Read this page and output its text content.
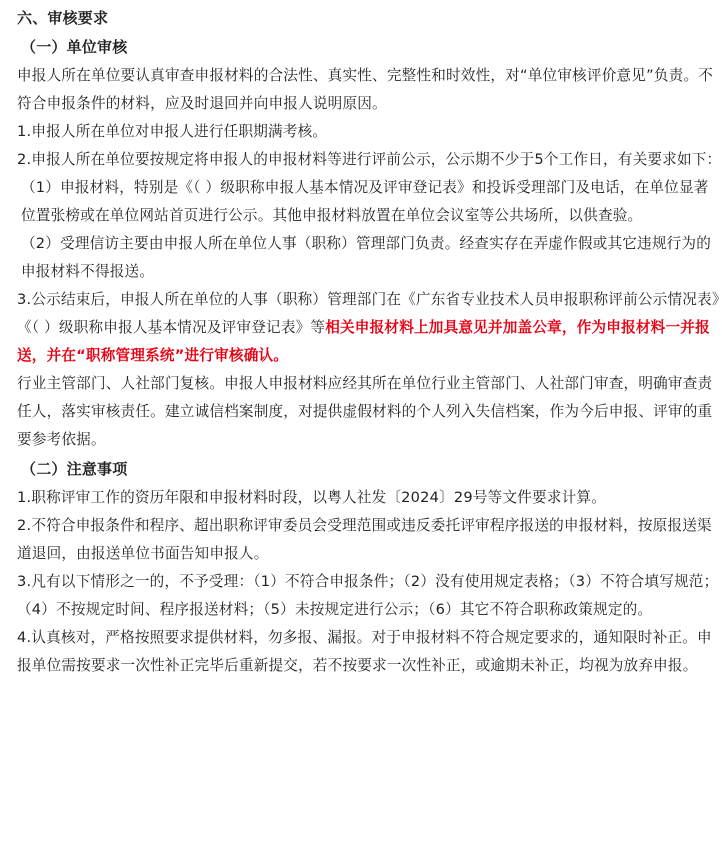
六、审核要求

（一）单位审核

申报人所在单位要认真审查申报材料的合法性、真实性、完整性和时效性，对“单位审核评价意见”负责。不符合申报条件的材料，应及时退回并向申报人说明原因。

1.申报人所在单位对申报人进行任职期满考核。

2.申报人所在单位要按规定将申报人的申报材料等进行评前公示，公示期不少于5个工作日，有关要求如下：

（1）申报材料，特别是《（ ）级职称申报人基本情况及评审登记表》和投诉受理部门及电话，在单位显著位置张榜或在单位网站首页进行公示。其他申报材料放置在单位会议室等公共场所，以供查验。

（2）受理信访主要由申报人所在单位人事（职称）管理部门负责。经查实存在弄虚作假或其它违规行为的申报材料不得报送。

3.公示结束后，申报人所在单位的人事（职称）管理部门在《广东省专业技术人员申报职称评前公示情况表》《（ ）级职称申报人基本情况及评审登记表》等相关申报材料上加具意见并加盖公章，作为申报材料一并报送，并在“职称管理系统”进行审核确认。

行业主管部门、人社部门复核。申报人申报材料应经其所在单位行业主管部门、人社部门审查，明确审查责任人，落实审核责任。建立诚信档案制度，对提供虚假材料的个人列入失信档案，作为今后申报、评审的重要参考依据。

（二）注意事项

1.职称评审工作的资历年限和申报材料时段，以粤人社发〔2024〕29号等文件要求计算。

2.不符合申报条件和程序、超出职称评审委员会受理范围或违反委托评审程序报送的申报材料，按原报送渠道退回，由报送单位书面告知申报人。

3.凡有以下情形之一的，不予受理：（1）不符合申报条件；（2）没有使用规定表格；（3）不符合填写规范；（4）不按规定时间、程序报送材料；（5）未按规定进行公示；（6）其它不符合职称政策规定的。

4.认真核对，严格按照要求提供材料，勿多报、漏报。对于申报材料不符合规定要求的，通知限时补正。申报单位需按要求一次性补正完毕后重新提交，若不按要求一次性补正，或逾期未补正，均视为放弃申报。
